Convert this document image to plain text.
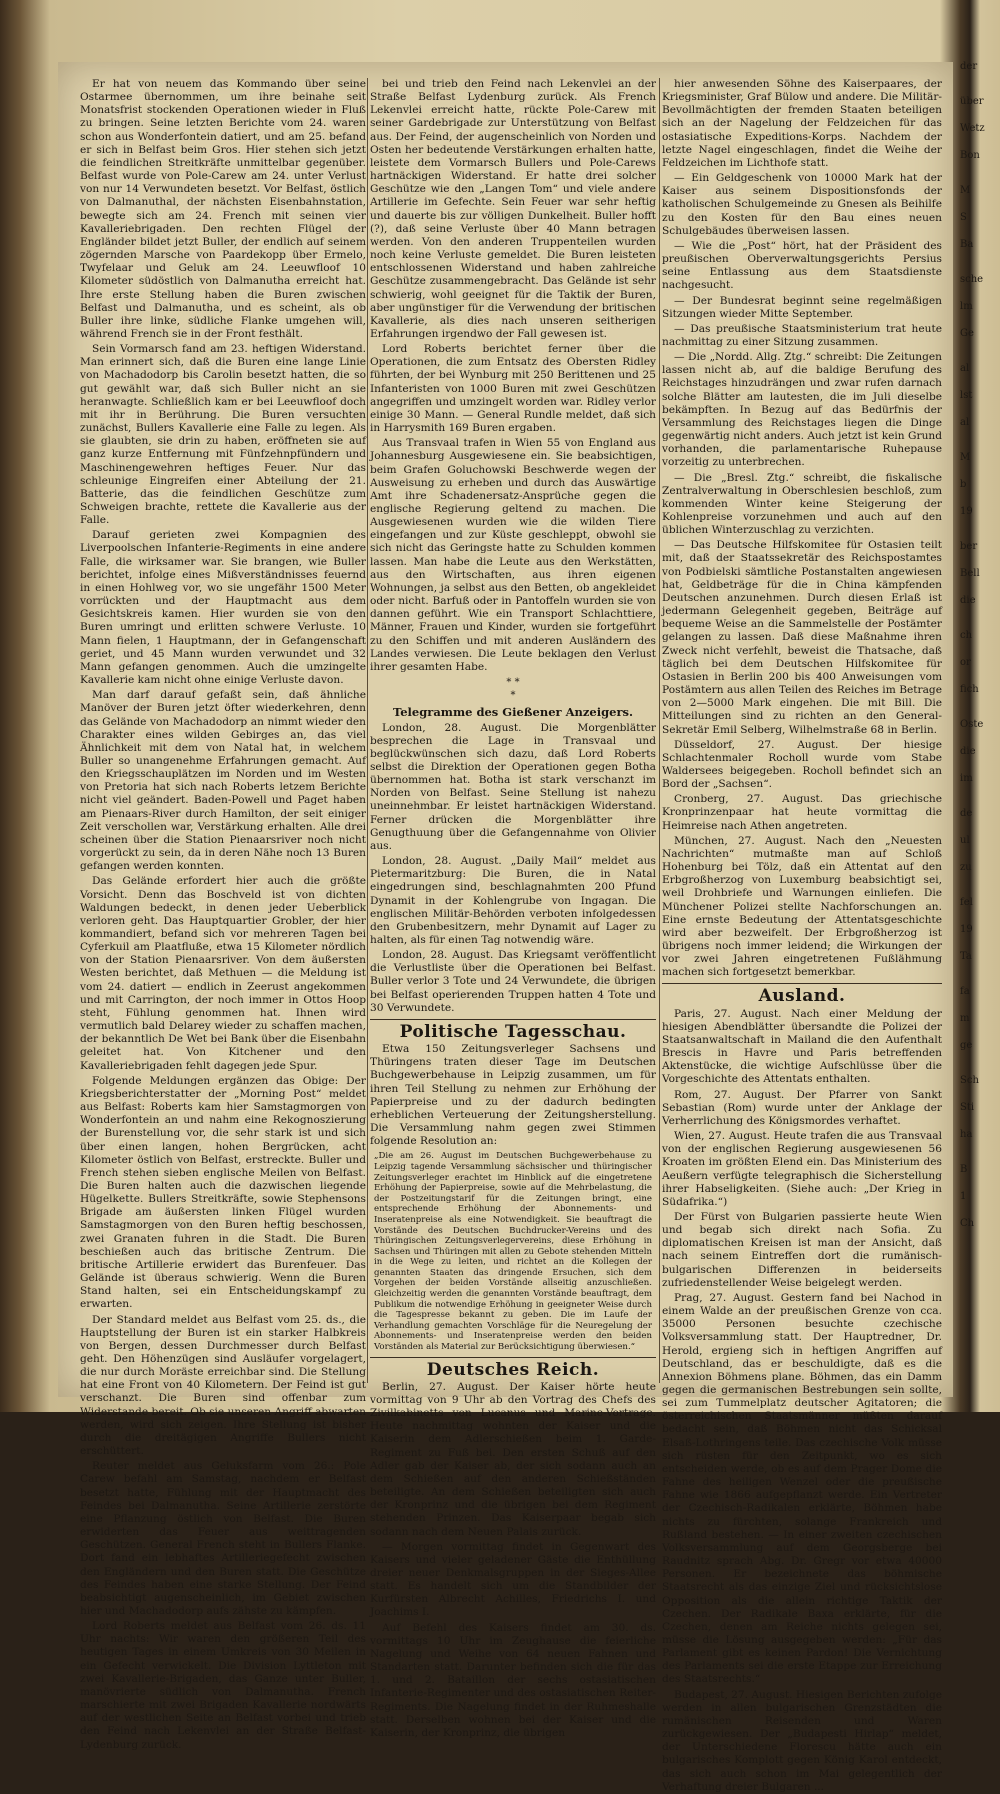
Er hat von neuem das Kommando über seine Ostarmee übernommen, um ihre beinahe seit Monatsfrist stockenden Operationen wieder in Fluß zu bringen. Seine letzten Berichte vom 24. waren schon aus Wonderfontein datiert, und am 25. befand er sich in Belfast beim Gros. Hier stehen sich jetzt die feindlichen Streitkräfte unmittelbar gegenüber. Belfast wurde von Pole-Carew am 24. unter Verlust von nur 14 Verwundeten besetzt. Vor Belfast, östlich von Dalmanuthal, der nächsten Eisenbahnstation, bewegte sich am 24. French mit seinen vier Kavalleriebrigaden. Den rechten Flügel der Engländer bildet jetzt Buller, der endlich auf seinem zögernden Marsche von Paardekopp über Ermelo, Twyfelaar und Geluk am 24. Leeuwfloof 10 Kilometer südöstlich von Dalmanutha erreicht hat. Ihre erste Stellung haben die Buren zwischen Belfast und Dalmanutha, und es scheint, als ob Buller ihre linke, südliche Flanke umgehen will, während French sie in der Front festhält.

Sein Vormarsch fand am 23. heftigen Widerstand. Man erinnert sich, daß die Buren eine lange Linie von Machadodorp bis Carolin besetzt hatten, die so gut gewählt war, daß sich Buller nicht an sie heranwagte. Schließlich kam er bei Leeuwfloof doch mit ihr in Berührung. Die Buren versuchten zunächst, Bullers Kavallerie eine Falle zu legen. Als sie glaubten, sie drin zu haben, eröffneten sie auf ganz kurze Entfernung mit Fünfzehnpfündern und Maschinengewehren heftiges Feuer. Nur das schleunige Eingreifen einer Abteilung der 21. Batterie, das die feindlichen Geschütze zum Schweigen brachte, rettete die Kavallerie aus der Falle.

Darauf gerieten zwei Kompagnien des Liverpoolschen Infanterie-Regiments in eine andere Falle, die wirksamer war. Sie brangen, wie Buller berichtet, infolge eines Mißverständnisses feuernd in einen Hohlweg vor, wo sie ungefähr 1500 Meter vorrückten und der Hauptmacht aus dem Gesichtskreis kamen. Hier wurden sie von den Buren umringt und erlitten schwere Verluste. 10 Mann fielen, 1 Hauptmann, der in Gefangenschaft geriet, und 45 Mann wurden verwundet und 32 Mann gefangen genommen. Auch die umzingelte Kavallerie kam nicht ohne einige Verluste davon.

Man darf darauf gefaßt sein, daß ähnliche Manöver der Buren jetzt öfter wiederkehren, denn das Gelände von Machadodorp an nimmt wieder den Charakter eines wilden Gebirges an, das viel Ähnlichkeit mit dem von Natal hat, in welchem Buller so unangenehme Erfahrungen gemacht. Auf den Kriegsschauplätzen im Norden und im Westen von Pretoria hat sich nach Roberts letzem Berichte nicht viel geändert. Baden-Powell und Paget haben am Pienaars-River durch Hamilton, der seit einiger Zeit verschollen war, Verstärkung erhalten. Alle drei scheinen über die Station Pienaarsriver noch nicht vorgerückt zu sein, da in deren Nähe noch 13 Buren gefangen werden konnten.

Das Gelände erfordert hier auch die größte Vorsicht. Denn das Boschveld ist von dichten Waldungen bedeckt, in denen jeder Ueberblick verloren geht. Das Hauptquartier Grobler, der hier kommandiert, befand sich vor mehreren Tagen bei Cyferkuil am Plaatfluße, etwa 15 Kilometer nördlich von der Station Pienaarsriver. Von dem äußersten Westen berichtet, daß Methuen — die Meldung ist vom 24. datiert — endlich in Zeerust angekommen und mit Carrington, der noch immer in Ottos Hoop steht, Fühlung genommen hat. Ihnen wird vermutlich bald Delarey wieder zu schaffen machen, der bekanntlich De Wet bei Bank über die Eisenbahn geleitet hat. Von Kitchener und den Kavalleriebrigaden fehlt dagegen jede Spur.

Folgende Meldungen ergänzen das Obige: Der Kriegsberichterstatter der „Morning Post“ meldet aus Belfast: Roberts kam hier Samstagmorgen von Wonderfontein an und nahm eine Rekognoszierung der Burenstellung vor, die sehr stark ist und sich über einen langen, hohen Bergrücken, acht Kilometer östlich von Belfast, erstreckte. Buller und French stehen sieben englische Meilen von Belfast. Die Buren halten auch die dazwischen liegende Hügelkette. Bullers Streitkräfte, sowie Stephensons Brigade am äußersten linken Flügel wurden Samstagmorgen von den Buren heftig beschossen, zwei Granaten fuhren in die Stadt. Die Buren beschießen auch das britische Zentrum. Die britische Artillerie erwidert das Burenfeuer. Das Gelände ist überaus schwierig. Wenn die Buren Stand halten, sei ein Entscheidungskampf zu erwarten.

Der Standard meldet aus Belfast vom 25. ds., die Hauptstellung der Buren ist ein starker Halbkreis von Bergen, dessen Durchmesser durch Belfast geht. Den Höhenzügen sind Ausläufer vorgelagert, die nur durch Moräste erreichbar sind. Die Stellung hat eine Front von 40 Kilometern. Der Feind ist gut verschanzt. Die Buren sind offenbar zum Widerstande bereit. Ob sie unseren Angriff abwarten werden, wird sich zeigen. Ihre Stellung ist bisher durch die dreitägigen Angriffe Bullers nicht erschüttert.

Reuter meldet aus Geluksfarm vom 26.: Pole Carew befahl am Samstag, nachdem er Belfast besetzt hatte, Fühlung mit der Hauptmacht des Feindes bei Dalmanutha. Seine Artillerie zerstörte eine Pflanzung östlich von Belfast. Die Buren erwiderten das Feuer aus weittragenden Geschützen. General French steht in Bullers Flanke. Dort fand ein lebhaftes Artilleriegefecht zwischen den Engländern und den Buren statt. Die Geschütze des Feindes haben eine starke Stellung. Der Feind beabsichtigt augenscheinlich, im Gebiet zwischen hier und Machadodorp aufs zähste zu kämpfen.

Lord Roberts meldet aus Belfast vom 26. ds. 11 Uhr nachts: Wir waren den größeren Teil des heutigen Tages in einem Umkreis von 30 Meilen in ein Gefecht verwickelt. Die Division Lyttleton mit zwei Kavallerie-Brigaden, das Ganze unter Buller, manövrierte südlich von Dalmanutha. French marschierte mit zwei Brigaden Kavallerie nordwärts auf der westlichen Seite an Belfast vorbei und trieb den Feind nach Lekenvlei an der Straße Belfast-Lydenburg zurück.

bei und trieb den Feind nach Lekenvlei an der Straße Belfast Lydenburg zurück. Als French Lekenvlei erreicht hatte, rückte Pole-Carew mit seiner Gardebrigade zur Unterstützung von Belfast aus. Der Feind, der augenscheinlich von Norden und Osten her bedeutende Verstärkungen erhalten hatte, leistete dem Vormarsch Bullers und Pole-Carews hartnäckigen Widerstand. Er hatte drei solcher Geschütze wie den „Langen Tom“ und viele andere Artillerie im Gefechte. Sein Feuer war sehr heftig und dauerte bis zur völligen Dunkelheit. Buller hofft (?), daß seine Verluste über 40 Mann betragen werden. Von den anderen Truppenteilen wurden noch keine Verluste gemeldet. Die Buren leisteten entschlossenen Widerstand und haben zahlreiche Geschütze zusammengebracht. Das Gelände ist sehr schwierig, wohl geeignet für die Taktik der Buren, aber ungünstiger für die Verwendung der britischen Kavallerie, als dies nach unseren seitherigen Erfahrungen irgendwo der Fall gewesen ist.

Lord Roberts berichtet ferner über die Operationen, die zum Entsatz des Obersten Ridley führten, der bei Wynburg mit 250 Berittenen und 25 Infanteristen von 1000 Buren mit zwei Geschützen angegriffen und umzingelt worden war. Ridley verlor einige 30 Mann. — General Rundle meldet, daß sich in Harrysmith 169 Buren ergaben.

Aus Transvaal trafen in Wien 55 von England aus Johannesburg Ausgewiesene ein. Sie beabsichtigen, beim Grafen Goluchowski Beschwerde wegen der Ausweisung zu erheben und durch das Auswärtige Amt ihre Schadenersatz-Ansprüche gegen die englische Regierung geltend zu machen. Die Ausgewiesenen wurden wie die wilden Tiere eingefangen und zur Küste geschleppt, obwohl sie sich nicht das Geringste hatte zu Schulden kommen lassen. Man habe die Leute aus den Werkstätten, aus den Wirtschaften, aus ihren eigenen Wohnungen, ja selbst aus den Betten, ob angekleidet oder nicht. Barfuß oder in Pantoffeln wurden sie von dannen geführt. Wie ein Transport Schlachttiere, Männer, Frauen und Kinder, wurden sie fortgeführt zu den Schiffen und mit anderen Ausländern des Landes verwiesen. Die Leute beklagen den Verlust ihrer gesamten Habe.

* *
*
Telegramme des Gießener Anzeigers.

London, 28. August. Die Morgenblätter besprechen die Lage in Transvaal und beglückwünschen sich dazu, daß Lord Roberts selbst die Direktion der Operationen gegen Botha übernommen hat. Botha ist stark verschanzt im Norden von Belfast. Seine Stellung ist nahezu uneinnehmbar. Er leistet hartnäckigen Widerstand. Ferner drücken die Morgenblätter ihre Genugthuung über die Gefangennahme von Olivier aus.

London, 28. August. „Daily Mail“ meldet aus Pietermaritzburg: Die Buren, die in Natal eingedrungen sind, beschlagnahmten 200 Pfund Dynamit in der Kohlengrube von Ingagan. Die englischen Militär-Behörden verboten infolgedessen den Grubenbesitzern, mehr Dynamit auf Lager zu halten, als für einen Tag notwendig wäre.

London, 28. August. Das Kriegsamt veröffentlicht die Verlustliste über die Operationen bei Belfast. Buller verlor 3 Tote und 24 Verwundete, die übrigen bei Belfast operierenden Truppen hatten 4 Tote und 30 Verwundete.

Politische Tagesschau.

Etwa 150 Zeitungsverleger Sachsens und Thüringens traten dieser Tage im Deutschen Buchgewerbehause in Leipzig zusammen, um für ihren Teil Stellung zu nehmen zur Erhöhung der Papierpreise und zu der dadurch bedingten erheblichen Verteuerung der Zeitungsherstellung. Die Versammlung nahm gegen zwei Stimmen folgende Resolution an:

„Die am 26. August im Deutschen Buchgewerbehause zu Leipzig tagende Versammlung sächsischer und thüringischer Zeitungsverleger erachtet im Hinblick auf die eingetretene Erhöhung der Papierpreise, sowie auf die Mehrbelastung, die der Postzeitungstarif für die Zeitungen bringt, eine entsprechende Erhöhung der Abonnements- und Inseratenpreise als eine Notwendigkeit. Sie beauftragt die Vorstände des Deutschen Buchdrucker-Vereins und des Thüringischen Zeitungsverlegervereins, diese Erhöhung in Sachsen und Thüringen mit allen zu Gebote stehenden Mitteln in die Wege zu leiten, und richtet an die Kollegen der genannten Staaten das dringende Ersuchen, sich dem Vorgehen der beiden Vorstände allseitig anzuschließen. Gleichzeitig werden die genannten Vorstände beauftragt, dem Publikum die notwendige Erhöhung in geeigneter Weise durch die Tagespresse bekannt zu geben. Die im Laufe der Verhandlung gemachten Vorschläge für die Neuregelung der Abonnements- und Inseratenpreise werden den beiden Vorständen als Material zur Berücksichtigung überwiesen.“

Deutsches Reich.

Berlin, 27. August. Der Kaiser hörte heute vormittag von 9 Uhr ab den Vortrag des Chefs des Zivilkabinetts von Lucanus und Marine-Vortrage. Heute nachmittag wohnten der Kaiser und die Kaiserin dem Adlerschießen beim 1. Garde-Regiment zu Fuß bei. Den ersten Schuß auf den Adler gab der Kaiser ab, der sich sodann auch an dem Schießen auf den anderen Schießständen beteiligte. An dem Schießen beteiligten sich auch der Kronprinz und die übrigen bei dem Regiment stehenden Prinzen. Das Kaiserpaar begab sich sodann nach dem Neuen Palais zurück.

— Morgen vormittag findet in Gegenwart des Kaisers und vieler geladener Gäste die Enthüllung dreier neuer Denkmalsgruppen in der Sieges-Allee statt. Es handelt sich um die Standbilder der Kurfürsten Albrecht Achilles, Friedrichs I. und Joachims I.

Auf Befehl des Kaisers findet am 30. ds. vormittags 10 Uhr im Zeughause die feierliche Nagelung und Weihe von 64 neuen Fahnen und Standarten statt. Darunter befinden sich die für das 1. und 2. Bataillon der sechs ostasiatischen Infanterie-Regimenter und des ostasiatischen Reiter-Regiments. Die Nagelung findet in der Ruhmeshalle statt. Derselben wohnen bei der Kaiser und die Kaiserin, der Kronprinz, die übrigen

hier anwesenden Söhne des Kaiserpaares, der Kriegsminister, Graf Bülow und andere. Die Militär-Bevollmächtigten der fremden Staaten beteiligen sich an der Nagelung der Feldzeichen für das ostasiatische Expeditions-Korps. Nachdem der letzte Nagel eingeschlagen, findet die Weihe der Feldzeichen im Lichthofe statt.

— Ein Geldgeschenk von 10000 Mark hat der Kaiser aus seinem Dispositionsfonds der katholischen Schulgemeinde zu Gnesen als Beihilfe zu den Kosten für den Bau eines neuen Schulgebäudes überweisen lassen.

— Wie die „Post“ hört, hat der Präsident des preußischen Oberverwaltungsgerichts Persius seine Entlassung aus dem Staatsdienste nachgesucht.

— Der Bundesrat beginnt seine regelmäßigen Sitzungen wieder Mitte September.

— Das preußische Staatsministerium trat heute nachmittag zu einer Sitzung zusammen.

— Die „Nordd. Allg. Ztg.“ schreibt: Die Zeitungen lassen nicht ab, auf die baldige Berufung des Reichstages hinzudrängen und zwar rufen darnach solche Blätter am lautesten, die im Juli dieselbe bekämpften. In Bezug auf das Bedürfnis der Versammlung des Reichstages liegen die Dinge gegenwärtig nicht anders. Auch jetzt ist kein Grund vorhanden, die parlamentarische Ruhepause vorzeitig zu unterbrechen.

— Die „Bresl. Ztg.“ schreibt, die fiskalische Zentralverwaltung in Oberschlesien beschloß, zum kommenden Winter keine Steigerung der Kohlenpreise vorzunehmen und auch auf den üblichen Winterzuschlag zu verzichten.

— Das Deutsche Hilfskomitee für Ostasien teilt mit, daß der Staatssekretär des Reichspostamtes von Podbielski sämtliche Postanstalten angewiesen hat, Geldbeträge für die in China kämpfenden Deutschen anzunehmen. Durch diesen Erlaß ist jedermann Gelegenheit gegeben, Beiträge auf bequeme Weise an die Sammelstelle der Postämter gelangen zu lassen. Daß diese Maßnahme ihren Zweck nicht verfehlt, beweist die Thatsache, daß täglich bei dem Deutschen Hilfskomitee für Ostasien in Berlin 200 bis 400 Anweisungen vom Postämtern aus allen Teilen des Reiches im Betrage von 2—5000 Mark eingehen. Die mit Bill. Die Mitteilungen sind zu richten an den General-Sekretär Emil Selberg, Wilhelmstraße 68 in Berlin.

Düsseldorf, 27. August. Der hiesige Schlachtenmaler Rocholl wurde vom Stabe Waldersees beigegeben. Rocholl befindet sich an Bord der „Sachsen“.

Cronberg, 27. August. Das griechische Kronprinzenpaar hat heute vormittag die Heimreise nach Athen angetreten.

München, 27. August. Nach den „Neuesten Nachrichten“ mutmaßte man auf Schloß Hohenburg bei Tölz, daß ein Attentat auf den Erbgroßherzog von Luxemburg beabsichtigt sei, weil Drohbriefe und Warnungen einliefen. Die Münchener Polizei stellte Nachforschungen an. Eine ernste Bedeutung der Attentatsgeschichte wird aber bezweifelt. Der Erbgroßherzog ist übrigens noch immer leidend; die Wirkungen der vor zwei Jahren eingetretenen Fußlähmung machen sich fortgesetzt bemerkbar.

Ausland.

Paris, 27. August. Nach einer Meldung der hiesigen Abendblätter übersandte die Polizei der Staatsanwaltschaft in Mailand die den Aufenthalt Brescis in Havre und Paris betreffenden Aktenstücke, die wichtige Aufschlüsse über die Vorgeschichte des Attentats enthalten.

Rom, 27. August. Der Pfarrer von Sankt Sebastian (Rom) wurde unter der Anklage der Verherrlichung des Königsmordes verhaftet.

Wien, 27. August. Heute trafen die aus Transvaal von der englischen Regierung ausgewiesenen 56 Kroaten im größten Elend ein. Das Ministerium des Aeußern verfügte telegraphisch die Sicherstellung ihrer Habseligkeiten. (Siehe auch: „Der Krieg in Südafrika.“)

Der Fürst von Bulgarien passierte heute Wien und begab sich direkt nach Sofia. Zu diplomatischen Kreisen ist man der Ansicht, daß nach seinem Eintreffen dort die rumänisch-bulgarischen Differenzen in beiderseits zufriedenstellender Weise beigelegt werden.

Prag, 27. August. Gestern fand bei Nachod in einem Walde an der preußischen Grenze von cca. 35000 Personen besuchte czechische Volksversammlung statt. Der Hauptredner, Dr. Herold, ergieng sich in heftigen Angriffen auf Deutschland, das er beschuldigte, daß es die Annexion Böhmens plane. Böhmen, das ein Damm gegen die germanischen Bestrebungen sein sollte, sei zum Tummelplatz deutscher Agitatoren; die österreichischen Staatsmänner müßten darauf bedacht sein, daß Böhmen nicht das Schicksal Elsaß-Lothringens teile. Das czechische Volk müsse sich rüsten für den Zeitpunkt, wo es sich entscheiden werde, ob es auf dem Prager Dome die Fahne des heiligen Wenzel oder die preußische Fahne wie 1866 aufgepflanzt werde. Ein Vertreter der Czechisch-Radikalen erklärte, Böhmen habe nichts zu fürchten, solange Frankreich und Rußland bestehen. — In einer zweiten czechischen Volksversammlung auf dem Georgsberge bei Raudnitz sprach Abg. Dr. Gregr vor etwa 40000 Personen. Er bezeichnete das böhmische Staatsrecht als das einzige Ziel und rücksichtslose Opposition als die allein richtige Taktik der Czechen. Der Radikale Baxa erklärte, für die Czechen, denen am Reiche nichts gelegen sei, müsse die Lösung ausgegeben werden: „Für das Parlament gibt es keinen Pardon! Die Vernichtung des Parlaments sei die erste Etappe zur Erreichung des Staatsrechts.“

Budapest, 27. August. Hiesigen Berichten zufolge werden in allen bulgarischen Grenzstädten die rumänischen Reisenden und Waren zurückgewiesen. Der „Budapesti Hirlap“ meldet, der Unterschiedene Florescu hätte auch ein bulgarisches Komplott gegen König Karol entdeckt, das sich auch schon im Mai gelegentlich der Verhaftung dreier Bulgaren ...

der
über
Wetz
Bon
M
S
Ba
sche
lm
Ge
al
lst
al
M
b
19
ber
Bell
die
ch
or
fich
Oste
die
im
de
ul
zu
fel
19
Ta
fa
m
ge
Sch
Sti
ha
B
1
Ch
